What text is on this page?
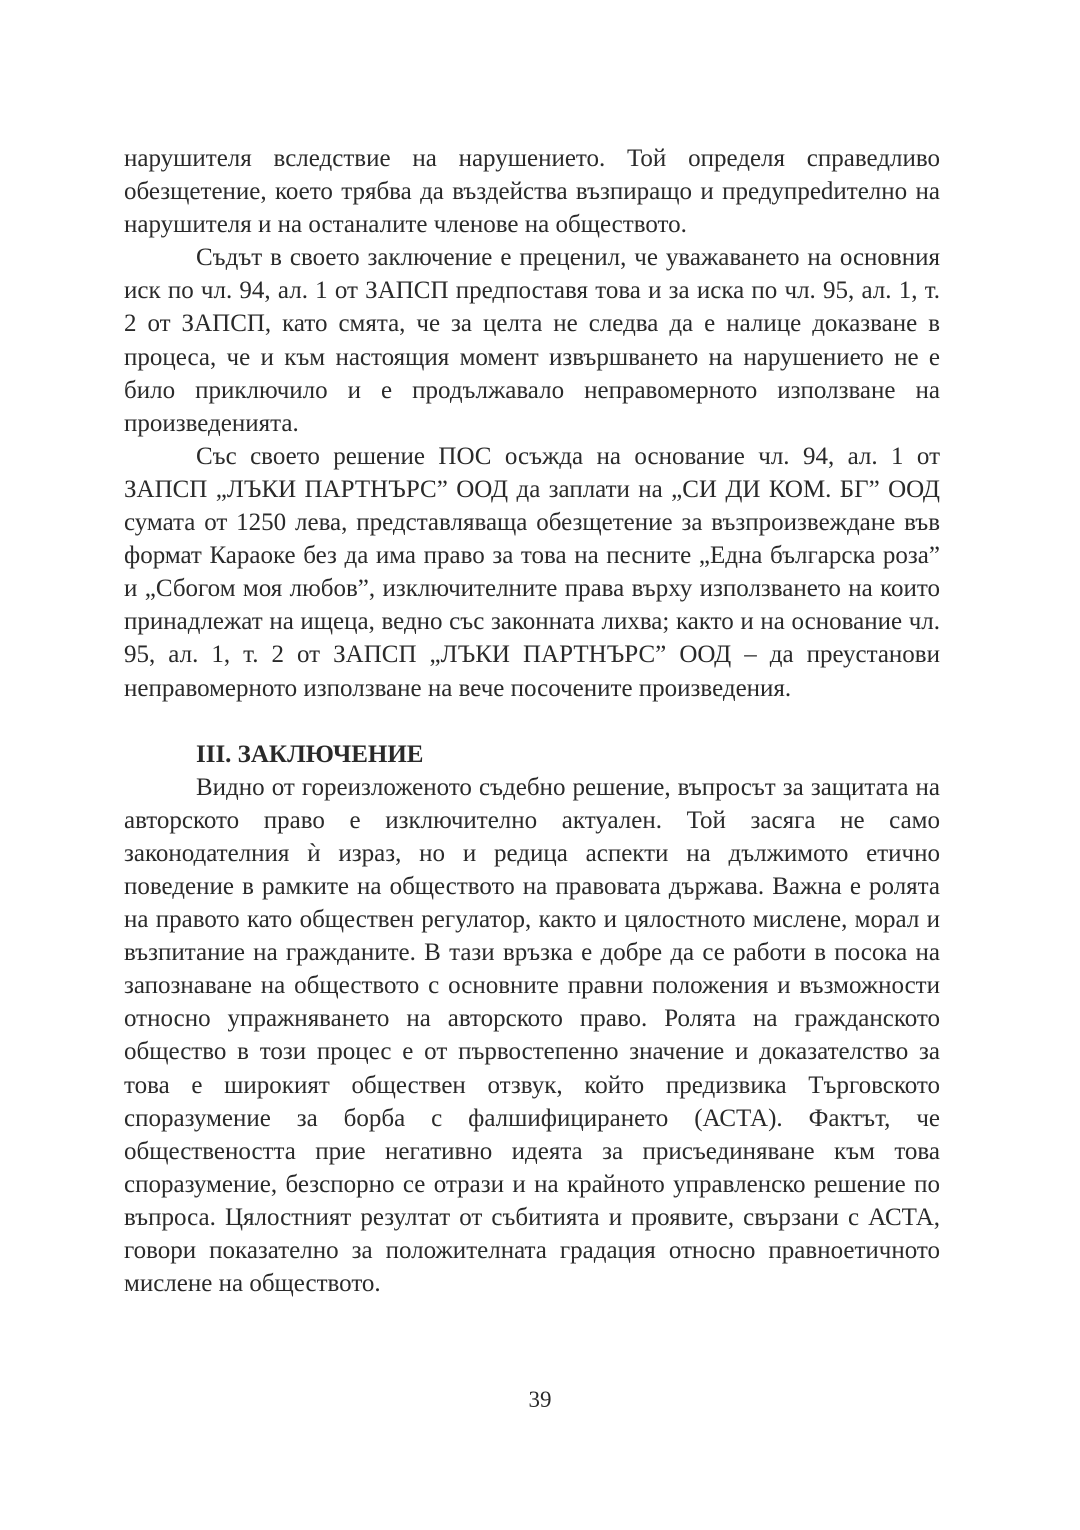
нарушителя вследствие на нарушението. Той определя справедливо обезщетение, което трябва да въздейства възпиращо и предупреdително на нарушителя и на останалите членове на обществото.

Съдът в своето заключение е преценил, че уважаването на основния иск по чл. 94, ал. 1 от ЗАПСП предпоставя това и за иска по чл. 95, ал. 1, т. 2 от ЗАПСП, като смята, че за целта не следва да е налице доказване в процеса, че и към настоящия момент извършването на нарушението не е било приключило и е продължавало неправомерното използване на произведенията.

Със своето решение ПОС осъжда на основание чл. 94, ал. 1 от ЗАПСП „ЛЪКИ ПАРТНЪРС” ООД да заплати на „СИ ДИ КОМ. БГ” ООД сумата от 1250 лева, представляваща обезщетение за възпроизвеждане във формат Караоке без да има право за това на песните „Една българска роза” и „Сбогом моя любов”, изключителните права върху използването на които принадлежат на ищеца, ведно със законната лихва; както и на основание чл. 95, ал. 1, т. 2 от ЗАПСП „ЛЪКИ ПАРТНЪРС” ООД – да преустанови неправомерното използване на вече посочените произведения.

III. ЗАКЛЮЧЕНИЕ

Видно от гореизложеното съдебно решение, въпросът за защитата на авторското право е изключително актуален. Той засяга не само законодателния ѝ израз, но и редица аспекти на дължимото етично поведение в рамките на обществото на правовата държава. Важна е ролята на правото като обществен регулатор, както и цялостното мислене, морал и възпитание на гражданите. В тази връзка е добре да се работи в посока на запознаване на обществото с основните правни положения и възможности относно упражняването на авторското право. Ролята на гражданското общество в този процес е от първостепенно значение и доказателство за това е широкият обществен отзвук, който предизвика Търговското споразумение за борба с фалшифицирането (АСТА). Фактът, че обществеността прие негативно идеята за присъединяване към това споразумение, безспорно се отрази и на крайното управленско решение по въпроса. Цялостният резултат от събитията и проявите, свързани с АСТА, говори показателно за положителната градация относно правноетичното мислене на обществото.

39
